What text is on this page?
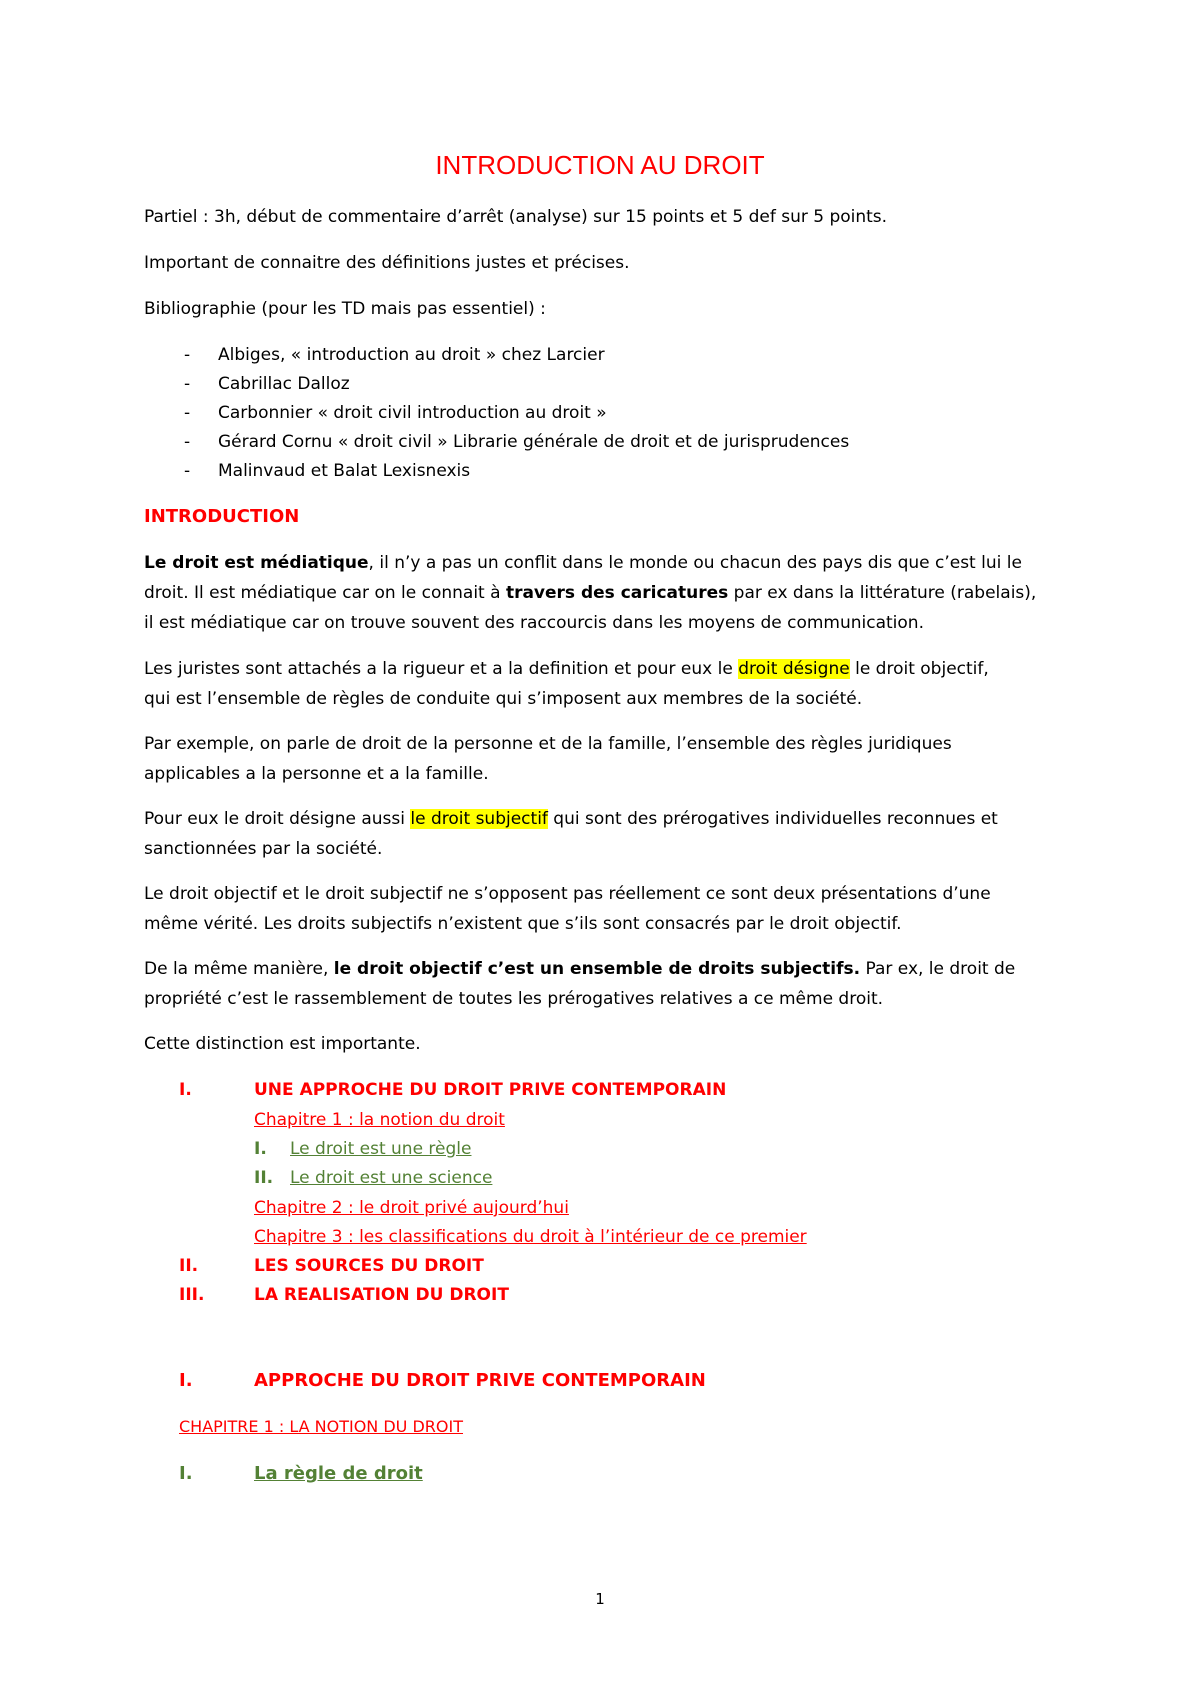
INTRODUCTION AU DROIT
Partiel : 3h, début de commentaire d’arrêt (analyse) sur 15 points et 5 def sur 5 points.
Important de connaitre des définitions justes et précises.
Bibliographie (pour les TD mais pas essentiel) :
- Albiges, « introduction au droit » chez Larcier
- Cabrillac Dalloz
- Carbonnier « droit civil introduction au droit »
- Gérard Cornu « droit civil » Librarie générale de droit et de jurisprudences
- Malinvaud et Balat Lexisnexis
INTRODUCTION
Le droit est médiatique, il n’y a pas un conflit dans le monde ou chacun des pays dis que c’est lui le
droit. Il est médiatique car on le connait à travers des caricatures par ex dans la littérature (rabelais),
il est médiatique car on trouve souvent des raccourcis dans les moyens de communication.
Les juristes sont attachés a la rigueur et a la definition et pour eux le droit désigne le droit objectif,
qui est l’ensemble de règles de conduite qui s’imposent aux membres de la société.
Par exemple, on parle de droit de la personne et de la famille, l’ensemble des règles juridiques
applicables a la personne et a la famille.
Pour eux le droit désigne aussi le droit subjectif qui sont des prérogatives individuelles reconnues et
sanctionnées par la société.
Le droit objectif et le droit subjectif ne s’opposent pas réellement ce sont deux présentations d’une
même vérité. Les droits subjectifs n’existent que s’ils sont consacrés par le droit objectif.
De la même manière, le droit objectif c’est un ensemble de droits subjectifs. Par ex, le droit de
propriété c’est le rassemblement de toutes les prérogatives relatives a ce même droit.
Cette distinction est importante.
I.	UNE APPROCHE DU DROIT PRIVE CONTEMPORAIN
Chapitre 1 : la notion du droit
I. Le droit est une règle
II. Le droit est une science
Chapitre 2 : le droit privé aujourd’hui
Chapitre 3 : les classifications du droit à l’intérieur de ce premier
II.	LES SOURCES DU DROIT
III.	LA REALISATION DU DROIT
I.	APPROCHE DU DROIT PRIVE CONTEMPORAIN
CHAPITRE 1 : LA NOTION DU DROIT
I.	La règle de droit
1
